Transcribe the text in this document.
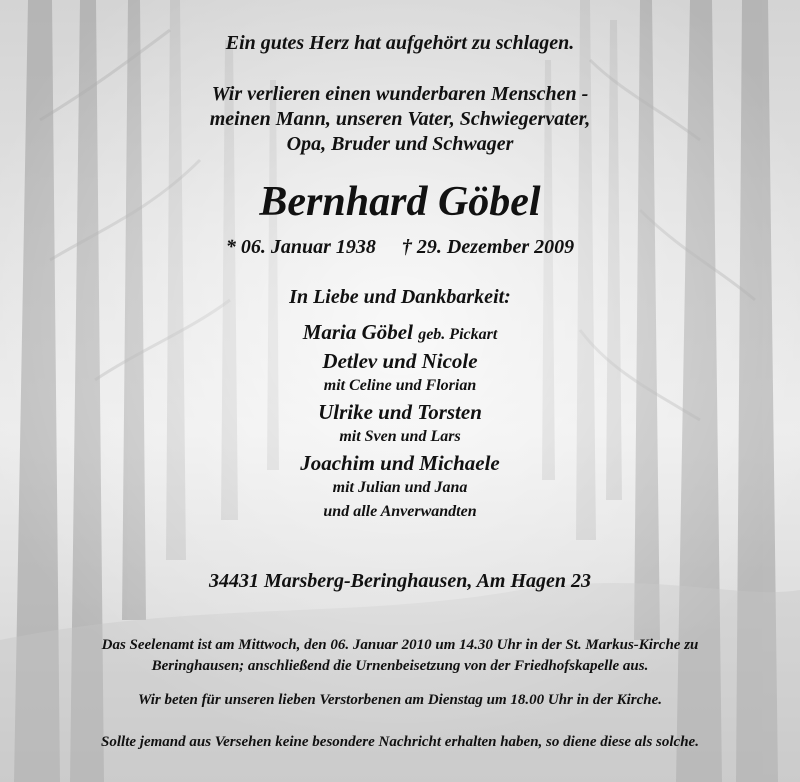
Ein gutes Herz hat aufgehört zu schlagen.

Wir verlieren einen wunderbaren Menschen -

meinen Mann, unseren Vater, Schwiegervater,

Opa, Bruder und Schwager

Bernhard Göbel

* 06. Januar 1938 † 29. Dezember 2009

In Liebe und Dankbarkeit:

Maria Göbel geb. Pickart

Detlev und Nicole

mit Celine und Florian

Ulrike und Torsten

mit Sven und Lars

Joachim und Michaele

mit Julian und Jana

und alle Anverwandten

34431 Marsberg-Beringhausen, Am Hagen 23

Das Seelenamt ist am Mittwoch, den 06. Januar 2010 um 14.30 Uhr in der St. Markus-Kirche zu

Beringhausen; anschließend die Urnenbeisetzung von der Friedhofskapelle aus.

Wir beten für unseren lieben Verstorbenen am Dienstag um 18.00 Uhr in der Kirche.

Sollte jemand aus Versehen keine besondere Nachricht erhalten haben, so diene diese als solche.
